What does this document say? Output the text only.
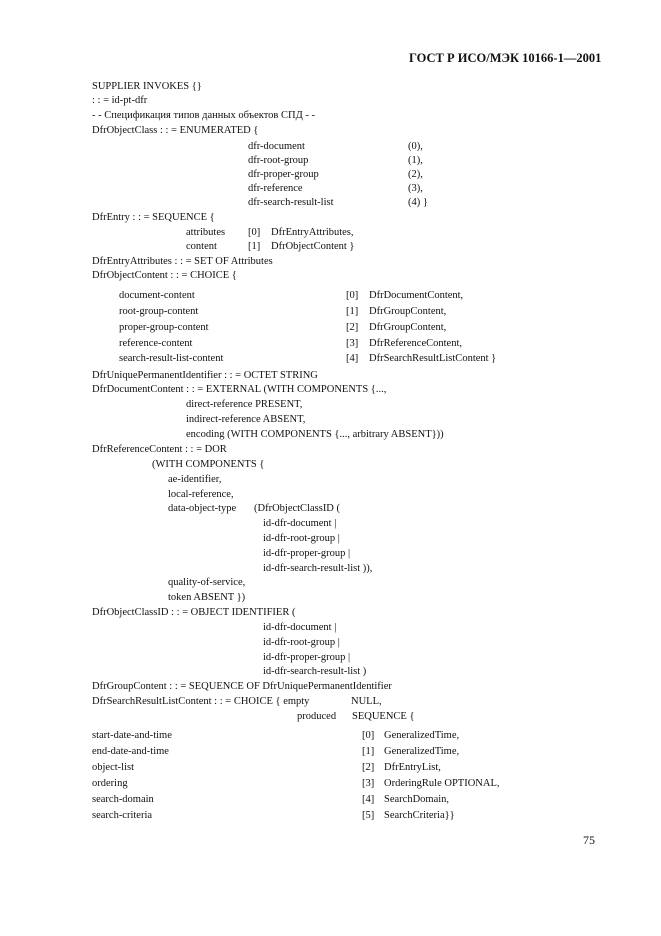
ГОСТ Р ИСО/МЭК 10166-1—2001
SUPPLIER INVOKES {}
: : = id-pt-dfr
- - Спецификация типов данных объектов СПД - -
DfrObjectClass : : = ENUMERATED {
dfr-document	(0),
dfr-root-group	(1),
dfr-proper-group	(2),
dfr-reference	(3),
dfr-search-result-list	(4) }
DfrEntry : : = SEQUENCE {
attributes [0] DfrEntryAttributes,
content	[1] DfrObjectContent }
DfrEntryAttributes : : = SET OF Attributes
DfrObjectContent : : = CHOICE {
document-content	[0] DfrDocumentContent,
root-group-content	[1] DfrGroupContent,
proper-group-content	[2] DfrGroupContent,
reference-content	[3] DfrReferenceContent,
search-result-list-content	[4] DfrSearchResultListContent }
DfrUniquePermanentIdentifier : : = OCTET STRING
DfrDocumentContent : : = EXTERNAL (WITH COMPONENTS {...,
direct-reference PRESENT,
indirect-reference ABSENT,
encoding (WITH COMPONENTS {..., arbitrary ABSENT}))
DfrReferenceContent : : = DOR
(WITH COMPONENTS {
ae-identifier,
local-reference,
data-object-type (DfrObjectClassID (
id-dfr-document |
id-dfr-root-group |
id-dfr-proper-group |
id-dfr-search-result-list )),
quality-of-service,
token ABSENT })
DfrObjectClassID : : = OBJECT IDENTIFIER (
id-dfr-document |
id-dfr-root-group |
id-dfr-proper-group |
id-dfr-search-result-list )
DfrGroupContent : : = SEQUENCE OF DfrUniquePermanentIdentifier
DfrSearchResultListContent : : = CHOICE { empty	NULL,
produced SEQUENCE {
start-date-and-time	[0] GeneralizedTime,
end-date-and-time	[1] GeneralizedTime,
object-list	[2] DfrEntryList,
ordering	[3] OrderingRule OPTIONAL,
search-domain	[4] SearchDomain,
search-criteria	[5] SearchCriteria}}
75
